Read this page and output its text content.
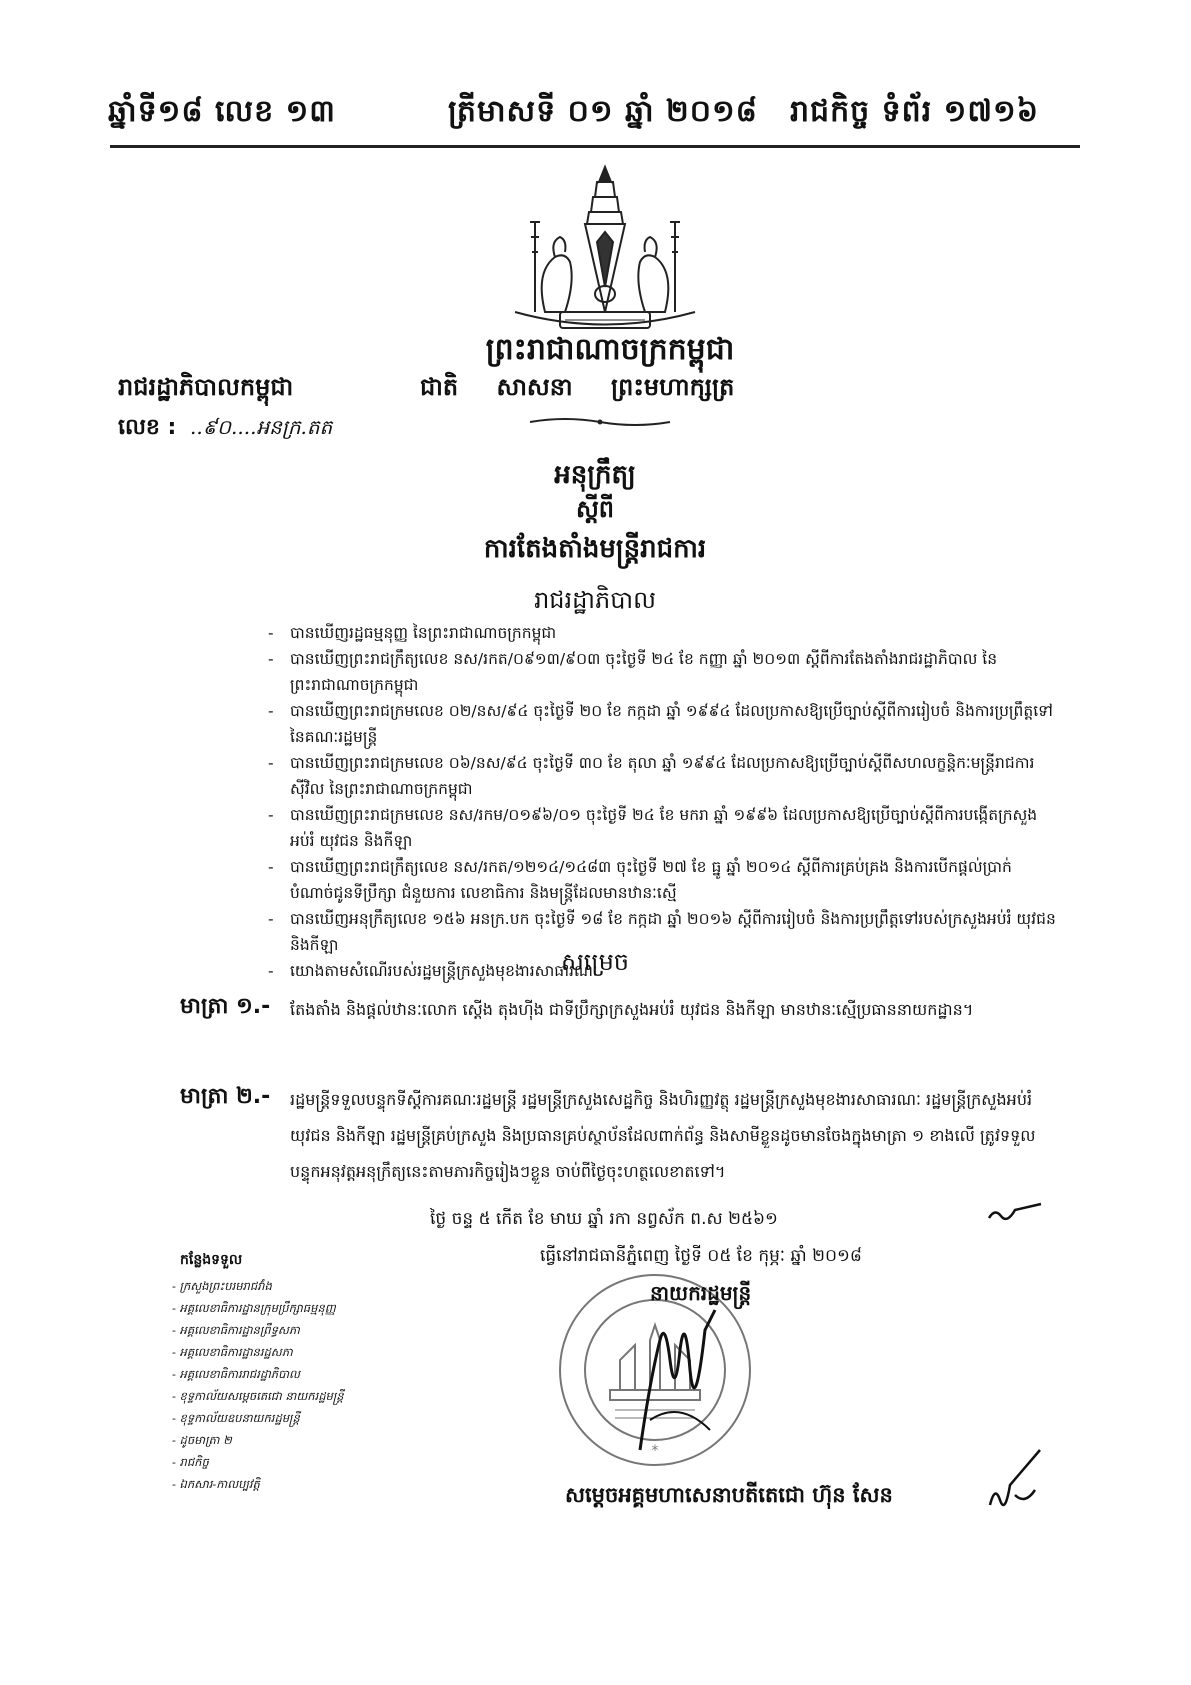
ឆ្នាំទី១៨ លេខ ១៣	ត្រីមាសទី ០១ ឆ្នាំ ២០១៨ រាជកិច្ច ទំព័រ ១៧១៦
ព្រះរាជាណាចក្រកម្ពុជា
រាជរដ្ឋាភិបាលកម្ពុជា	ជាតិ សាសនា ព្រះមហាក្សត្រ
លេខ : ..៩០....អនក្រ.តត
អនុក្រឹត្យ
ស្តីពី
ការតែងតាំងមន្ត្រីរាជការ
រាជរដ្ឋាភិបាល
- បានឃើញរដ្ឋធម្មនុញ្ញ នៃព្រះរាជាណាចក្រកម្ពុជា
- បានឃើញព្រះរាជក្រឹត្យលេខ នស/រកត/០៩១៣/៩០៣ ចុះថ្ងៃទី ២៤ ខែ កញ្ញា ឆ្នាំ ២០១៣ ស្តីពីការតែងតាំងរាជរដ្ឋាភិបាល នៃព្រះរាជាណាចក្រកម្ពុជា
- បានឃើញព្រះរាជក្រមលេខ ០២/នស/៩៤ ចុះថ្ងៃទី ២០ ខែ កក្កដា ឆ្នាំ ១៩៩៤ ដែលប្រកាសឱ្យប្រើច្បាប់ស្តីពីការរៀបចំ និងការប្រព្រឹត្តទៅ នៃគណៈរដ្ឋមន្ត្រី
- បានឃើញព្រះរាជក្រមលេខ ០៦/នស/៩៤ ចុះថ្ងៃទី ៣០ ខែ តុលា ឆ្នាំ ១៩៩៤ ដែលប្រកាសឱ្យប្រើច្បាប់ស្តីពីសហលក្ខន្តិកៈមន្ត្រីរាជការស៊ីវិល នៃព្រះរាជាណាចក្រកម្ពុជា
- បានឃើញព្រះរាជក្រមលេខ នស/រកម/០១៩៦/០១ ចុះថ្ងៃទី ២៤ ខែ មករា ឆ្នាំ ១៩៩៦ ដែលប្រកាសឱ្យប្រើច្បាប់ស្តីពីការបង្កើតក្រសួងអប់រំ យុវជន និងកីឡា
- បានឃើញព្រះរាជក្រឹត្យលេខ នស/រកត/១២១៤/១៤៨៣ ចុះថ្ងៃទី ២៧ ខែ ធ្នូ ឆ្នាំ ២០១៤ ស្តីពីការគ្រប់គ្រង និងការបើកផ្តល់ប្រាក់បំណាច់ជូនទីប្រឹក្សា ជំនួយការ លេខាធិការ និងមន្ត្រីដែលមានឋានៈស្មើ
- បានឃើញអនុក្រឹត្យលេខ ១៥៦ អនក្រ.បក ចុះថ្ងៃទី ១៨ ខែ កក្កដា ឆ្នាំ ២០១៦ ស្តីពីការរៀបចំ និងការប្រព្រឹត្តទៅរបស់ក្រសួងអប់រំ យុវជន និងកីឡា
- យោងតាមសំណើរបស់រដ្ឋមន្ត្រីក្រសួងមុខងារសាធារណៈ
សម្រេច
មាត្រា ១.- តែងតាំង និងផ្តល់ឋានៈលោក ស្តើង តុងហ៊ីង ជាទីប្រឹក្សាក្រសួងអប់រំ យុវជន និងកីឡា មានឋានៈស្មើប្រធាននាយកដ្ឋាន។
មាត្រា ២.- រដ្ឋមន្ត្រីទទួលបន្ទុកទីស្តីការគណៈរដ្ឋមន្ត្រី រដ្ឋមន្ត្រីក្រសួងសេដ្ឋកិច្ច និងហិរញ្ញវត្ថុ រដ្ឋមន្ត្រីក្រសួងមុខងារសាធារណៈ រដ្ឋមន្ត្រីក្រសួងអប់រំ យុវជន និងកីឡា រដ្ឋមន្ត្រីគ្រប់ក្រសួង និងប្រធានគ្រប់ស្ថាប័នដែលពាក់ព័ន្ធ និងសាមីខ្លួនដូចមានចែងក្នុងមាត្រា ១ ខាងលើ ត្រូវទទួលបន្ទុកអនុវត្តអនុក្រឹត្យនេះតាមភារកិច្ចរៀងៗខ្លួន ចាប់ពីថ្ងៃចុះហត្ថលេខាតទៅ។
ថ្ងៃ ចន្ទ ៥ កើត ខែ មាឃ ឆ្នាំ រកា នព្វស័ក ព.ស ២៥៦១
ធ្វើនៅរាជធានីភ្នំពេញ ថ្ងៃទី ០៥ ខែ កុម្ភៈ ឆ្នាំ ២០១៨
*
នាយករដ្ឋមន្ត្រី
សម្តេចអគ្គមហាសេនាបតីតេជោ ហ៊ុន សែន
កន្លែងទទួល
- ក្រសួងព្រះបរមរាជវាំង
- អគ្គលេខាធិការដ្ឋានក្រុមប្រឹក្សាធម្មនុញ្ញ
- អគ្គលេខាធិការដ្ឋានព្រឹទ្ធសភា
- អគ្គលេខាធិការដ្ឋានរដ្ឋសភា
- អគ្គលេខាធិការរាជរដ្ឋាភិបាល
- ខុទ្ទកាល័យសម្តេចតេជោ នាយករដ្ឋមន្ត្រី
- ខុទ្ទកាល័យឧបនាយករដ្ឋមន្ត្រី
- ដូចមាត្រា ២
- រាជកិច្ច
- ឯកសារ-កាលប្បវត្តិ
